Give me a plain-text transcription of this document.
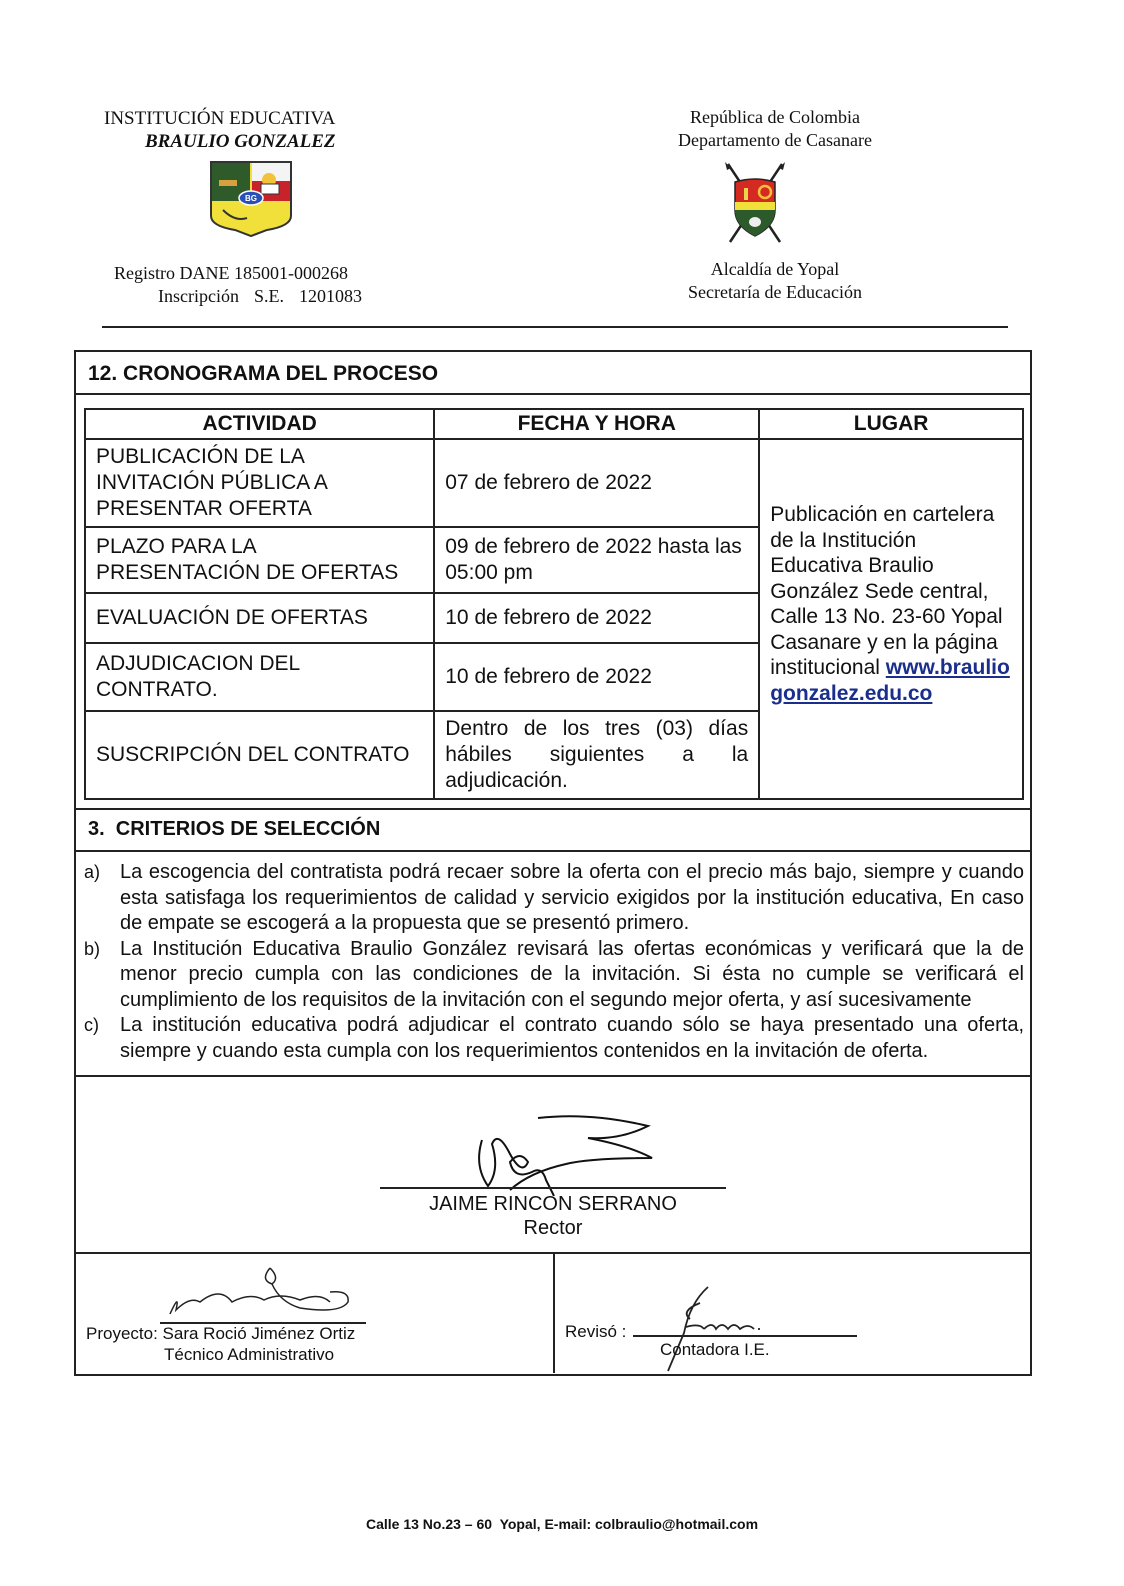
INSTITUCIÓN EDUCATIVA
BRAULIO GONZALEZ
BG
Registro DANE 185001-000268
Inscripción  S.E.  1201083
República de Colombia
Departamento de Casanare
Alcaldía de Yopal
Secretaría de Educación
12. CRONOGRAMA DEL PROCESO
ACTIVIDAD	FECHA Y HORA	LUGAR
PUBLICACIÓN DE LA INVITACIÓN PÚBLICA A PRESENTAR OFERTA	07 de febrero de 2022	Publicación en cartelera de la Institución Educativa Braulio González Sede central, Calle 13 No. 23-60 Yopal Casanare y en la página institucional www.brauliogonzalez.edu.co
PLAZO PARA LA PRESENTACIÓN DE OFERTAS	09 de febrero de 2022 hasta las 05:00 pm	
EVALUACIÓN DE OFERTAS	10 de febrero de 2022	
ADJUDICACION DEL CONTRATO.	10 de febrero de 2022	
SUSCRIPCIÓN DEL CONTRATO	Dentro de los tres (03) días hábiles siguientes a la adjudicación.	
3.  CRITERIOS DE SELECCIÓN
a) La escogencia del contratista podrá recaer sobre la oferta con el precio más bajo, siempre y cuando esta satisfaga los requerimientos de calidad y servicio exigidos por la institución educativa, En caso de empate se escogerá a la propuesta que se presentó primero.
b) La Institución Educativa Braulio González revisará las ofertas económicas y verificará que la de menor precio cumpla con las condiciones de la invitación. Si ésta no cumple se verificará el cumplimiento de los requisitos de la invitación con el segundo mejor oferta, y así sucesivamente
c)	La institución educativa podrá adjudicar el contrato cuando sólo se haya presentado una oferta, siempre y cuando esta cumpla con los requerimientos contenidos en la invitación de oferta.
JAIME RINCON SERRANO
Rector
Proyecto: Sara Roció Jiménez Ortiz
Técnico Administrativo
Revisó :
Contadora I.E.
Calle 13 No.23 – 60  Yopal, E-mail: colbraulio@hotmail.com
